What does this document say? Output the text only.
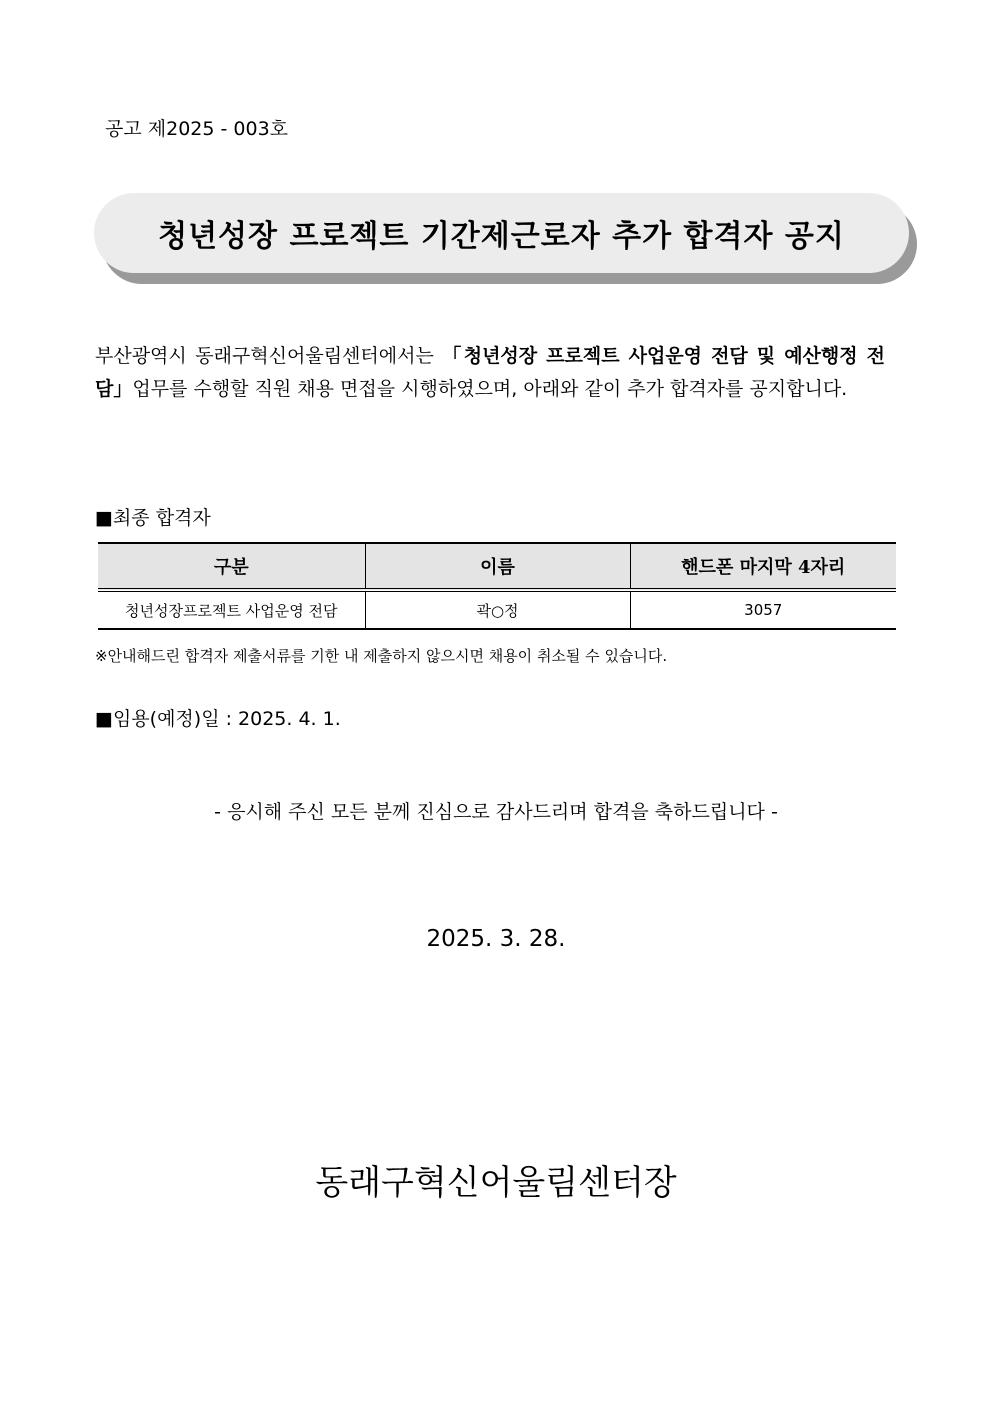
공고 제2025 - 003호
청년성장 프로젝트 기간제근로자 추가 합격자 공지
부산광역시 동래구혁신어울림센터에서는 「청년성장 프로젝트 사업운영 전담 및 예산행정 전담」업무를 수행할 직원 채용 면접을 시행하였으며, 아래와 같이 추가 합격자를 공지합니다.
■최종 합격자
구분	이름	핸드폰 마지막 4자리
청년성장프로젝트 사업운영 전담	곽○정	3057
※안내해드린 합격자 제출서류를 기한 내 제출하지 않으시면 채용이 취소될 수 있습니다.
■임용(예정)일 : 2025. 4. 1.
- 응시해 주신 모든 분께 진심으로 감사드리며 합격을 축하드립니다 -
2025. 3. 28.
동래구혁신어울림센터장
